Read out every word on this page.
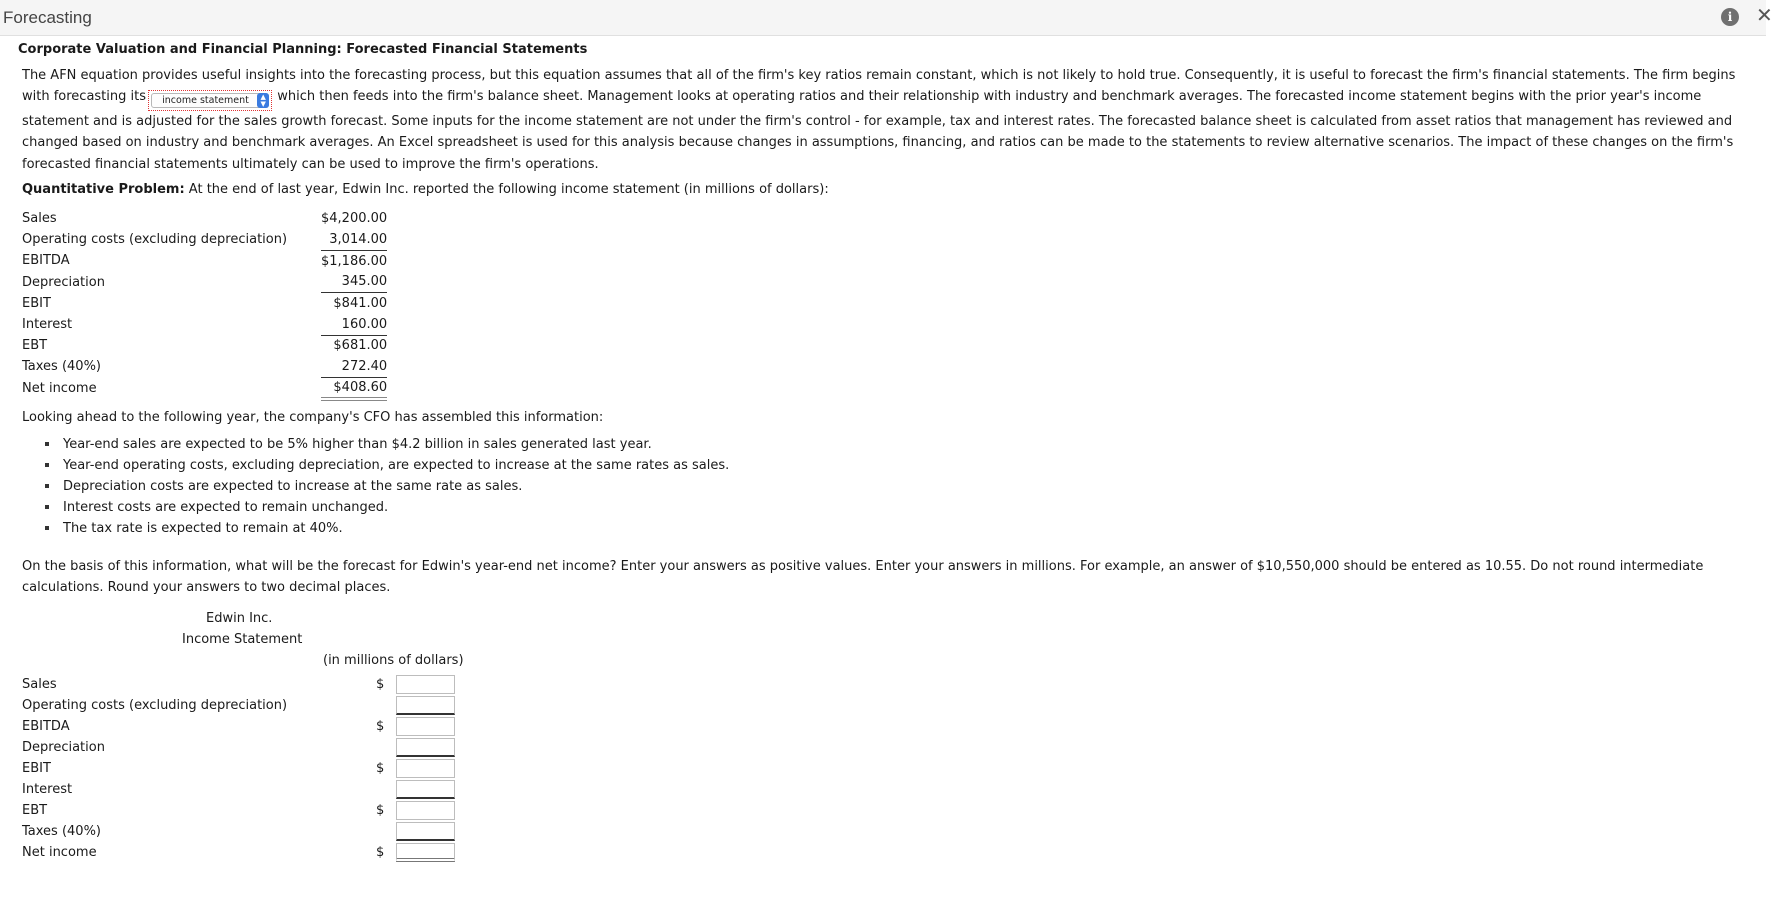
Forecasting	i	✕
Corporate Valuation and Financial Planning: Forecasted Financial Statements
The AFN equation provides useful insights into the forecasting process, but this equation assumes that all of the firm's key ratios remain constant, which is not likely to hold true. Consequently, it is useful to forecast the firm's financial statements. The firm begins with forecasting its	income statement	▲
▼ which then feeds into the firm's balance sheet. Management looks at operating ratios and their relationship with industry and benchmark averages. The forecasted income statement begins with the prior year's income statement and is adjusted for the sales growth forecast. Some inputs for the income statement are not under the firm's control - for example, tax and interest rates. The forecasted balance sheet is calculated from asset ratios that management has reviewed and changed based on industry and benchmark averages. An Excel spreadsheet is used for this analysis because changes in assumptions, financing, and ratios can be made to the statements to review alternative scenarios. The impact of these changes on the firm's forecasted financial statements ultimately can be used to improve the firm's operations.
Quantitative Problem: At the end of last year, Edwin Inc. reported the following income statement (in millions of dollars):
Sales	$4,200.00
Operating costs (excluding depreciation)	3,014.00
EBITDA	$1,186.00
Depreciation	345.00
EBIT	$841.00
Interest	160.00
EBT	$681.00
Taxes (40%)	272.40
Net income	$408.60
Looking ahead to the following year, the company's CFO has assembled this information:
Year-end sales are expected to be 5% higher than $4.2 billion in sales generated last year.
Year-end operating costs, excluding depreciation, are expected to increase at the same rates as sales.
Depreciation costs are expected to increase at the same rate as sales.
Interest costs are expected to remain unchanged.
The tax rate is expected to remain at 40%.
On the basis of this information, what will be the forecast for Edwin's year-end net income? Enter your answers as positive values. Enter your answers in millions. For example, an answer of $10,550,000 should be entered as 10.55. Do not round intermediate calculations. Round your answers to two decimal places.
Edwin Inc.
Income Statement
(in millions of dollars)
Sales	$	

Operating costs (excluding depreciation)		

EBITDA	$	

Depreciation		

EBIT	$	

Interest		

EBT	$	

Taxes (40%)		

Net income	$	
